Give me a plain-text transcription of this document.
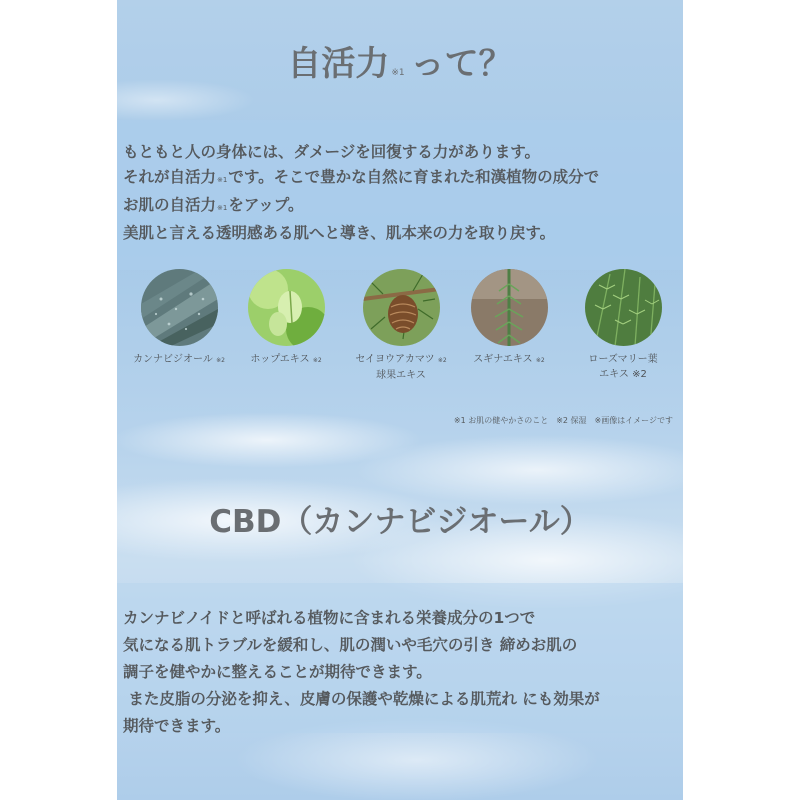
自活力 ※1 って？
もともと人の身体には、ダメージを回復する力があります。
それが自活力※1です。そこで豊かな自然に育まれた和漢植物の成分で
お肌の自活力※1をアップ。
美肌と言える透明感ある肌へと導き、肌本来の力を取り戻す。
カンナビジオール ※2	ホップエキス ※2	セイヨウアカマツ ※2
球果エキス
スギナエキス ※2	ローズマリー葉
エキス ※2
※1 お肌の健やかさのこと　※2 保湿　※画像はイメージです
CBD（カンナビジオール）
カンナビノイドと呼ばれる植物に含まれる栄養成分の1つで
気になる肌トラブルを緩和し、肌の潤いや毛穴の引き 締めお肌の
調子を健やかに整えることが期待できます。
また皮脂の分泌を抑え、皮膚の保護や乾燥による肌荒れ にも効果が
期待できます。
